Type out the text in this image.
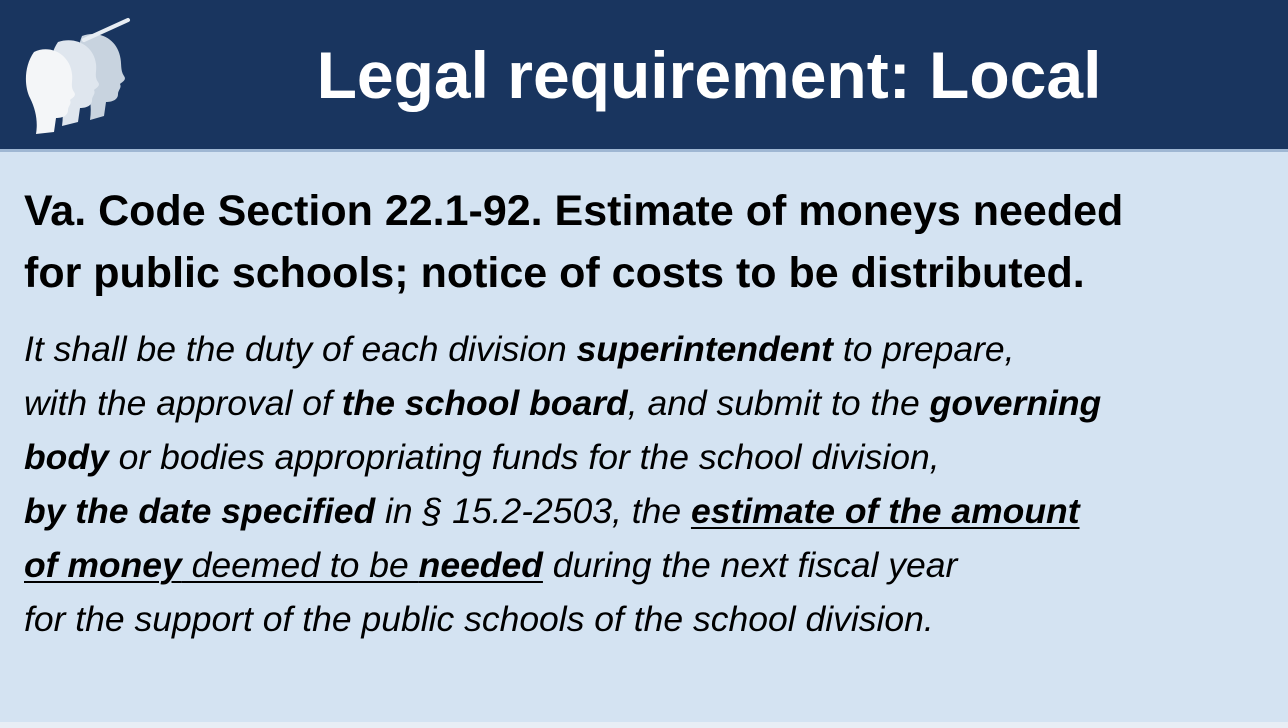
Legal requirement: Local

Va. Code Section 22.1-92. Estimate of moneys needed
for public schools; notice of costs to be distributed.

It shall be the duty of each division superintendent to prepare,
with the approval of the school board, and submit to the governing
body or bodies appropriating funds for the school division,
by the date specified in § 15.2-2503, the estimate of the amount
of money deemed to be needed during the next fiscal year
for the support of the public schools of the school division.
